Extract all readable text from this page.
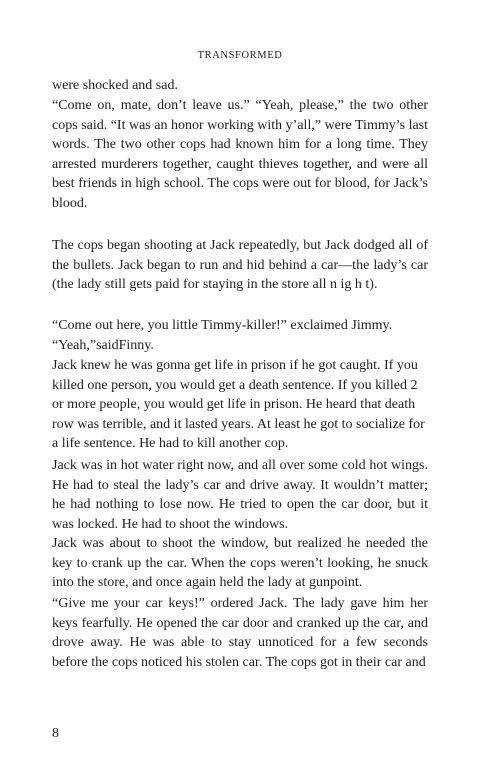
TRANSFORMED

were shocked and sad.

“Come on, mate, don’t leave us.” “Yeah, please,” the two other cops said. “It was an honor working with y’all,” were Timmy’s last words. The two other cops had known him for a long time. They arrested murderers together, caught thieves together, and were all best friends in high school. The cops were out for blood, for Jack’s blood.

The cops began shooting at Jack repeatedly, but Jack dodged all of the bullets. Jack began to run and hid behind a car—the lady’s car (the lady still gets paid for staying in the store all n ig h t).

“Come out here, you little Timmy-killer!” exclaimed Jimmy.

“Yeah,”saidFinny.

Jack knew he was gonna get life in prison if he got caught. If you killed one person, you would get a death sentence. If you killed 2 or more people, you would get life in prison. He heard that death row was terrible, and it lasted years. At least he got to socialize for a life sentence. He had to kill another cop.

Jack was in hot water right now, and all over some cold hot wings. He had to steal the lady’s car and drive away. It wouldn’t matter; he had nothing to lose now. He tried to open the car door, but it was locked. He had to shoot the windows.

Jack was about to shoot the window, but realized he needed the key to crank up the car. When the cops weren’t looking, he snuck into the store, and once again held the lady at gunpoint.

“Give me your car keys!” ordered Jack. The lady gave him her keys fearfully. He opened the car door and cranked up the car, and drove away. He was able to stay unnoticed for a few seconds before the cops noticed his stolen car. The cops got in their car and

8
